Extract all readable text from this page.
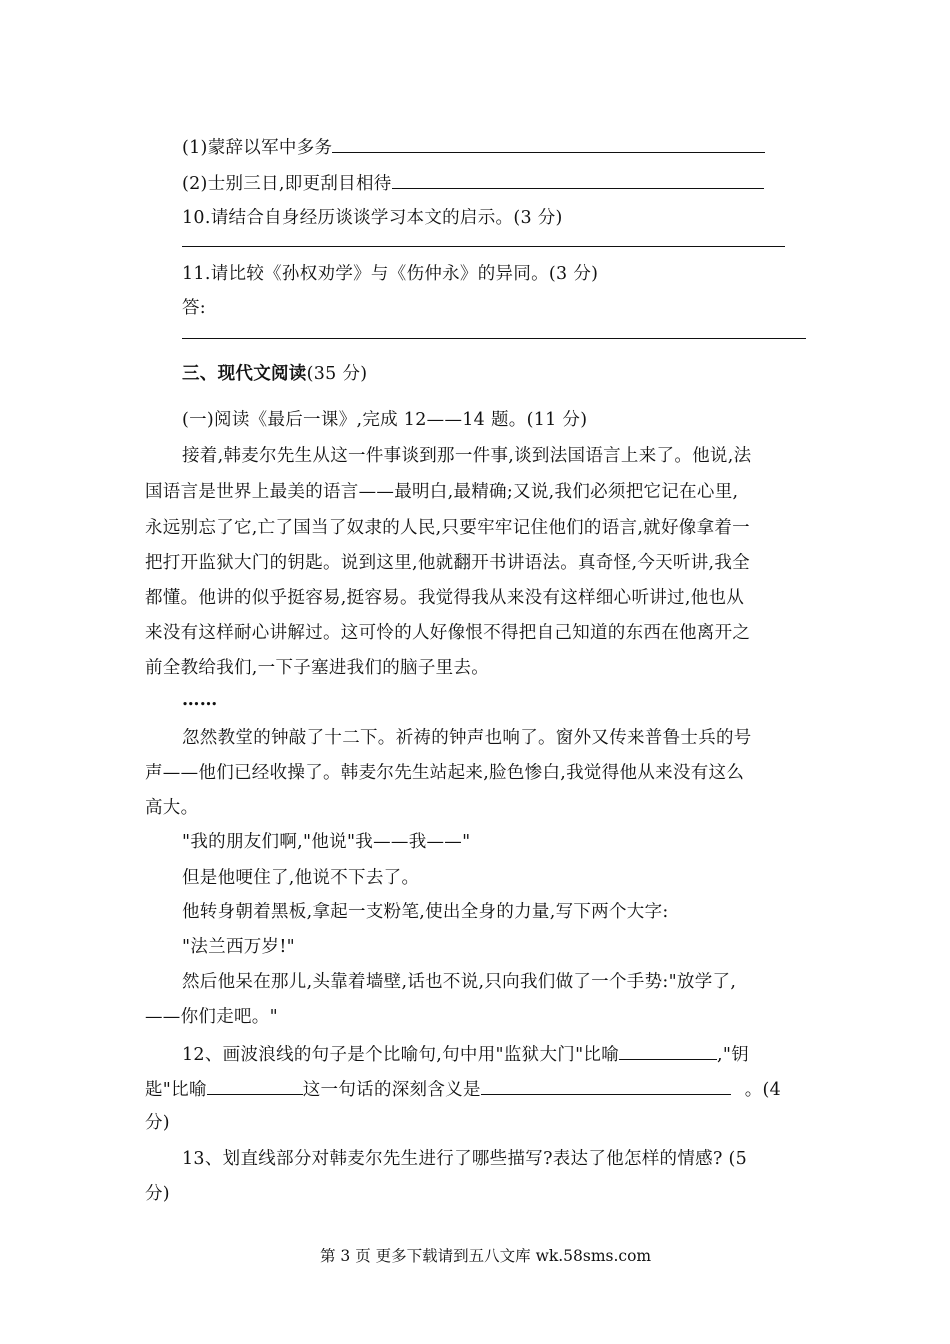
(1)蒙辞以军中多务
(2)士别三日,即更刮目相待
10.请结合自身经历谈谈学习本文的启示。(3 分)
11.请比较《孙权劝学》与《伤仲永》的异同。(3 分)
答:
三、现代文阅读(35 分)
(一)阅读《最后一课》,完成 12——14 题。(11 分)
接着,韩麦尔先生从这一件事谈到那一件事,谈到法国语言上来了。他说,法
国语言是世界上最美的语言——最明白,最精确;又说,我们必须把它记在心里,
永远别忘了它,亡了国当了奴隶的人民,只要牢牢记住他们的语言,就好像拿着一
把打开监狱大门的钥匙。说到这里,他就翻开书讲语法。真奇怪,今天听讲,我全
都懂。他讲的似乎挺容易,挺容易。我觉得我从来没有这样细心听讲过,他也从
来没有这样耐心讲解过。这可怜的人好像恨不得把自己知道的东西在他离开之
前全教给我们,一下子塞进我们的脑子里去。
……
忽然教堂的钟敲了十二下。祈祷的钟声也响了。窗外又传来普鲁士兵的号
声——他们已经收操了。韩麦尔先生站起来,脸色惨白,我觉得他从来没有这么
高大。
"我的朋友们啊,"他说"我——我——"
但是他哽住了,他说不下去了。
他转身朝着黑板,拿起一支粉笔,使出全身的力量,写下两个大字:
"法兰西万岁!"
然后他呆在那儿,头靠着墙壁,话也不说,只向我们做了一个手势:"放学了,
——你们走吧。"
12、画波浪线的句子是个比喻句,句中用"监狱大门"比喻	,"钥
匙"比喻	这一句话的深刻含义是	。(4
分)
13、划直线部分对韩麦尔先生进行了哪些描写?表达了他怎样的情感? (5
分)
第 3 页 更多下载请到五八文库 wk.58sms.com
